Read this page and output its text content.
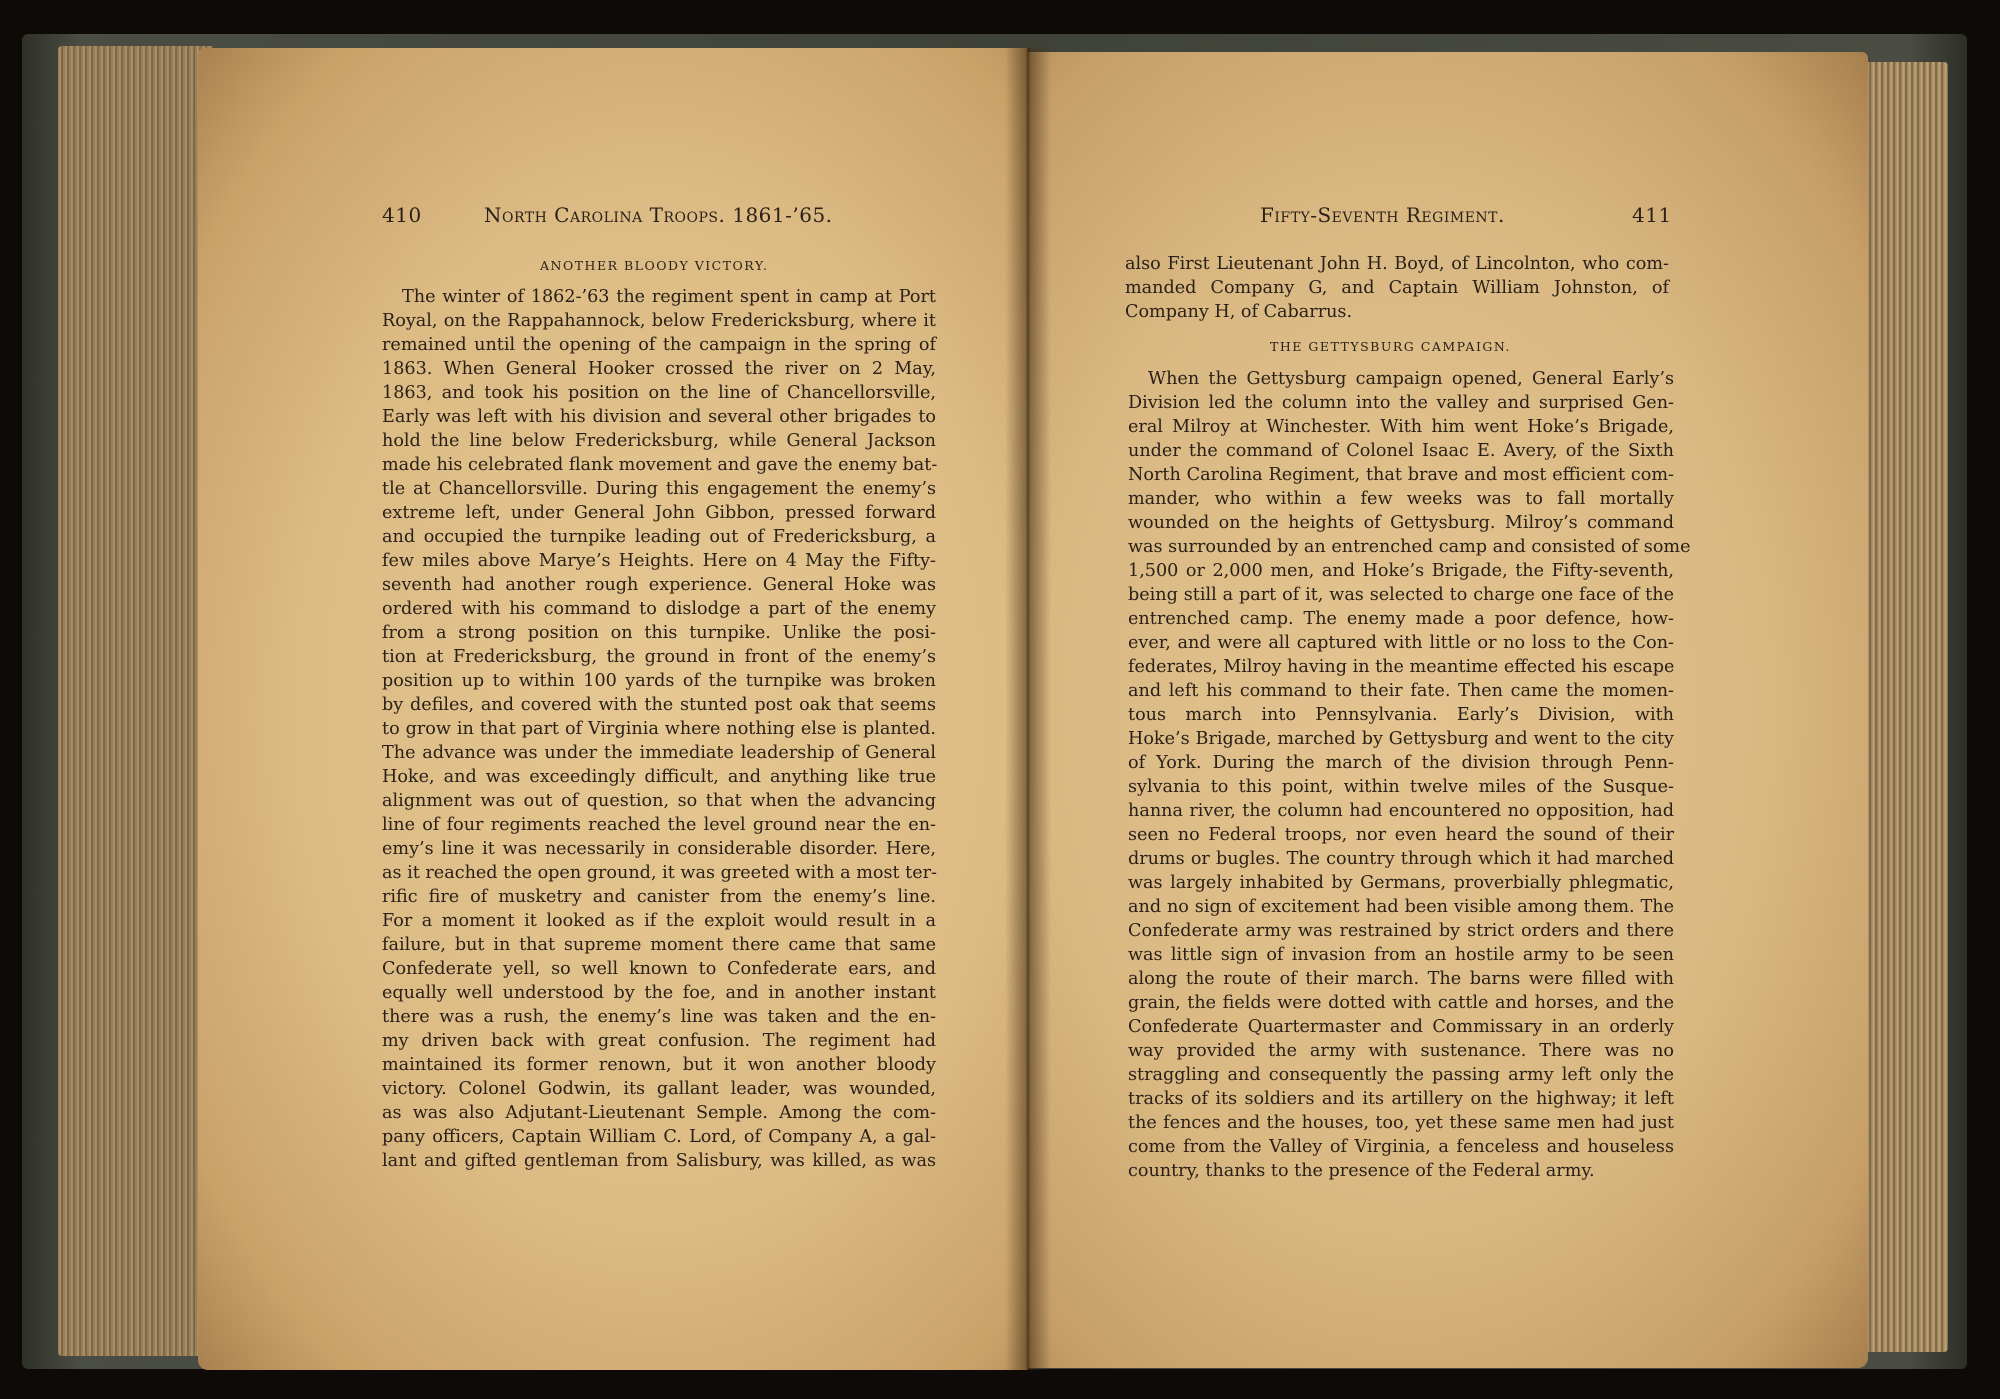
410	North Carolina Troops. 1861-’65.
ANOTHER BLOODY VICTORY.
The winter of 1862-’63 the regiment spent in camp at Port
Royal, on the Rappahannock, below Fredericksburg, where it
remained until the opening of the campaign in the spring of
1863. When General Hooker crossed the river on 2 May,
1863, and took his position on the line of Chancellorsville,
Early was left with his division and several other brigades to
hold the line below Fredericksburg, while General Jackson
made his celebrated flank movement and gave the enemy bat-
tle at Chancellorsville. During this engagement the enemy’s
extreme left, under General John Gibbon, pressed forward
and occupied the turnpike leading out of Fredericksburg, a
few miles above Marye’s Heights. Here on 4 May the Fifty-
seventh had another rough experience. General Hoke was
ordered with his command to dislodge a part of the enemy
from a strong position on this turnpike. Unlike the posi-
tion at Fredericksburg, the ground in front of the enemy’s
position up to within 100 yards of the turnpike was broken
by defiles, and covered with the stunted post oak that seems
to grow in that part of Virginia where nothing else is planted.
The advance was under the immediate leadership of General
Hoke, and was exceedingly difficult, and anything like true
alignment was out of question, so that when the advancing
line of four regiments reached the level ground near the en-
emy’s line it was necessarily in considerable disorder. Here,
as it reached the open ground, it was greeted with a most ter-
rific fire of musketry and canister from the enemy’s line.
For a moment it looked as if the exploit would result in a
failure, but in that supreme moment there came that same
Confederate yell, so well known to Confederate ears, and
equally well understood by the foe, and in another instant
there was a rush, the enemy’s line was taken and the en-
my driven back with great confusion. The regiment had
maintained its former renown, but it won another bloody
victory. Colonel Godwin, its gallant leader, was wounded,
as was also Adjutant-Lieutenant Semple. Among the com-
pany officers, Captain William C. Lord, of Company A, a gal-
lant and gifted gentleman from Salisbury, was killed, as was
Fifty-Seventh Regiment.	411
also First Lieutenant John H. Boyd, of Lincolnton, who com-
manded Company G, and Captain William Johnston, of
Company H, of Cabarrus.
THE GETTYSBURG CAMPAIGN.
When the Gettysburg campaign opened, General Early’s
Division led the column into the valley and surprised Gen-
eral Milroy at Winchester. With him went Hoke’s Brigade,
under the command of Colonel Isaac E. Avery, of the Sixth
North Carolina Regiment, that brave and most efficient com-
mander, who within a few weeks was to fall mortally
wounded on the heights of Gettysburg. Milroy’s command
was surrounded by an entrenched camp and consisted of some
1,500 or 2,000 men, and Hoke’s Brigade, the Fifty-seventh,
being still a part of it, was selected to charge one face of the
entrenched camp. The enemy made a poor defence, how-
ever, and were all captured with little or no loss to the Con-
federates, Milroy having in the meantime effected his escape
and left his command to their fate. Then came the momen-
tous march into Pennsylvania. Early’s Division, with
Hoke’s Brigade, marched by Gettysburg and went to the city
of York. During the march of the division through Penn-
sylvania to this point, within twelve miles of the Susque-
hanna river, the column had encountered no opposition, had
seen no Federal troops, nor even heard the sound of their
drums or bugles. The country through which it had marched
was largely inhabited by Germans, proverbially phlegmatic,
and no sign of excitement had been visible among them. The
Confederate army was restrained by strict orders and there
was little sign of invasion from an hostile army to be seen
along the route of their march. The barns were filled with
grain, the fields were dotted with cattle and horses, and the
Confederate Quartermaster and Commissary in an orderly
way provided the army with sustenance. There was no
straggling and consequently the passing army left only the
tracks of its soldiers and its artillery on the highway; it left
the fences and the houses, too, yet these same men had just
come from the Valley of Virginia, a fenceless and houseless
country, thanks to the presence of the Federal army.
